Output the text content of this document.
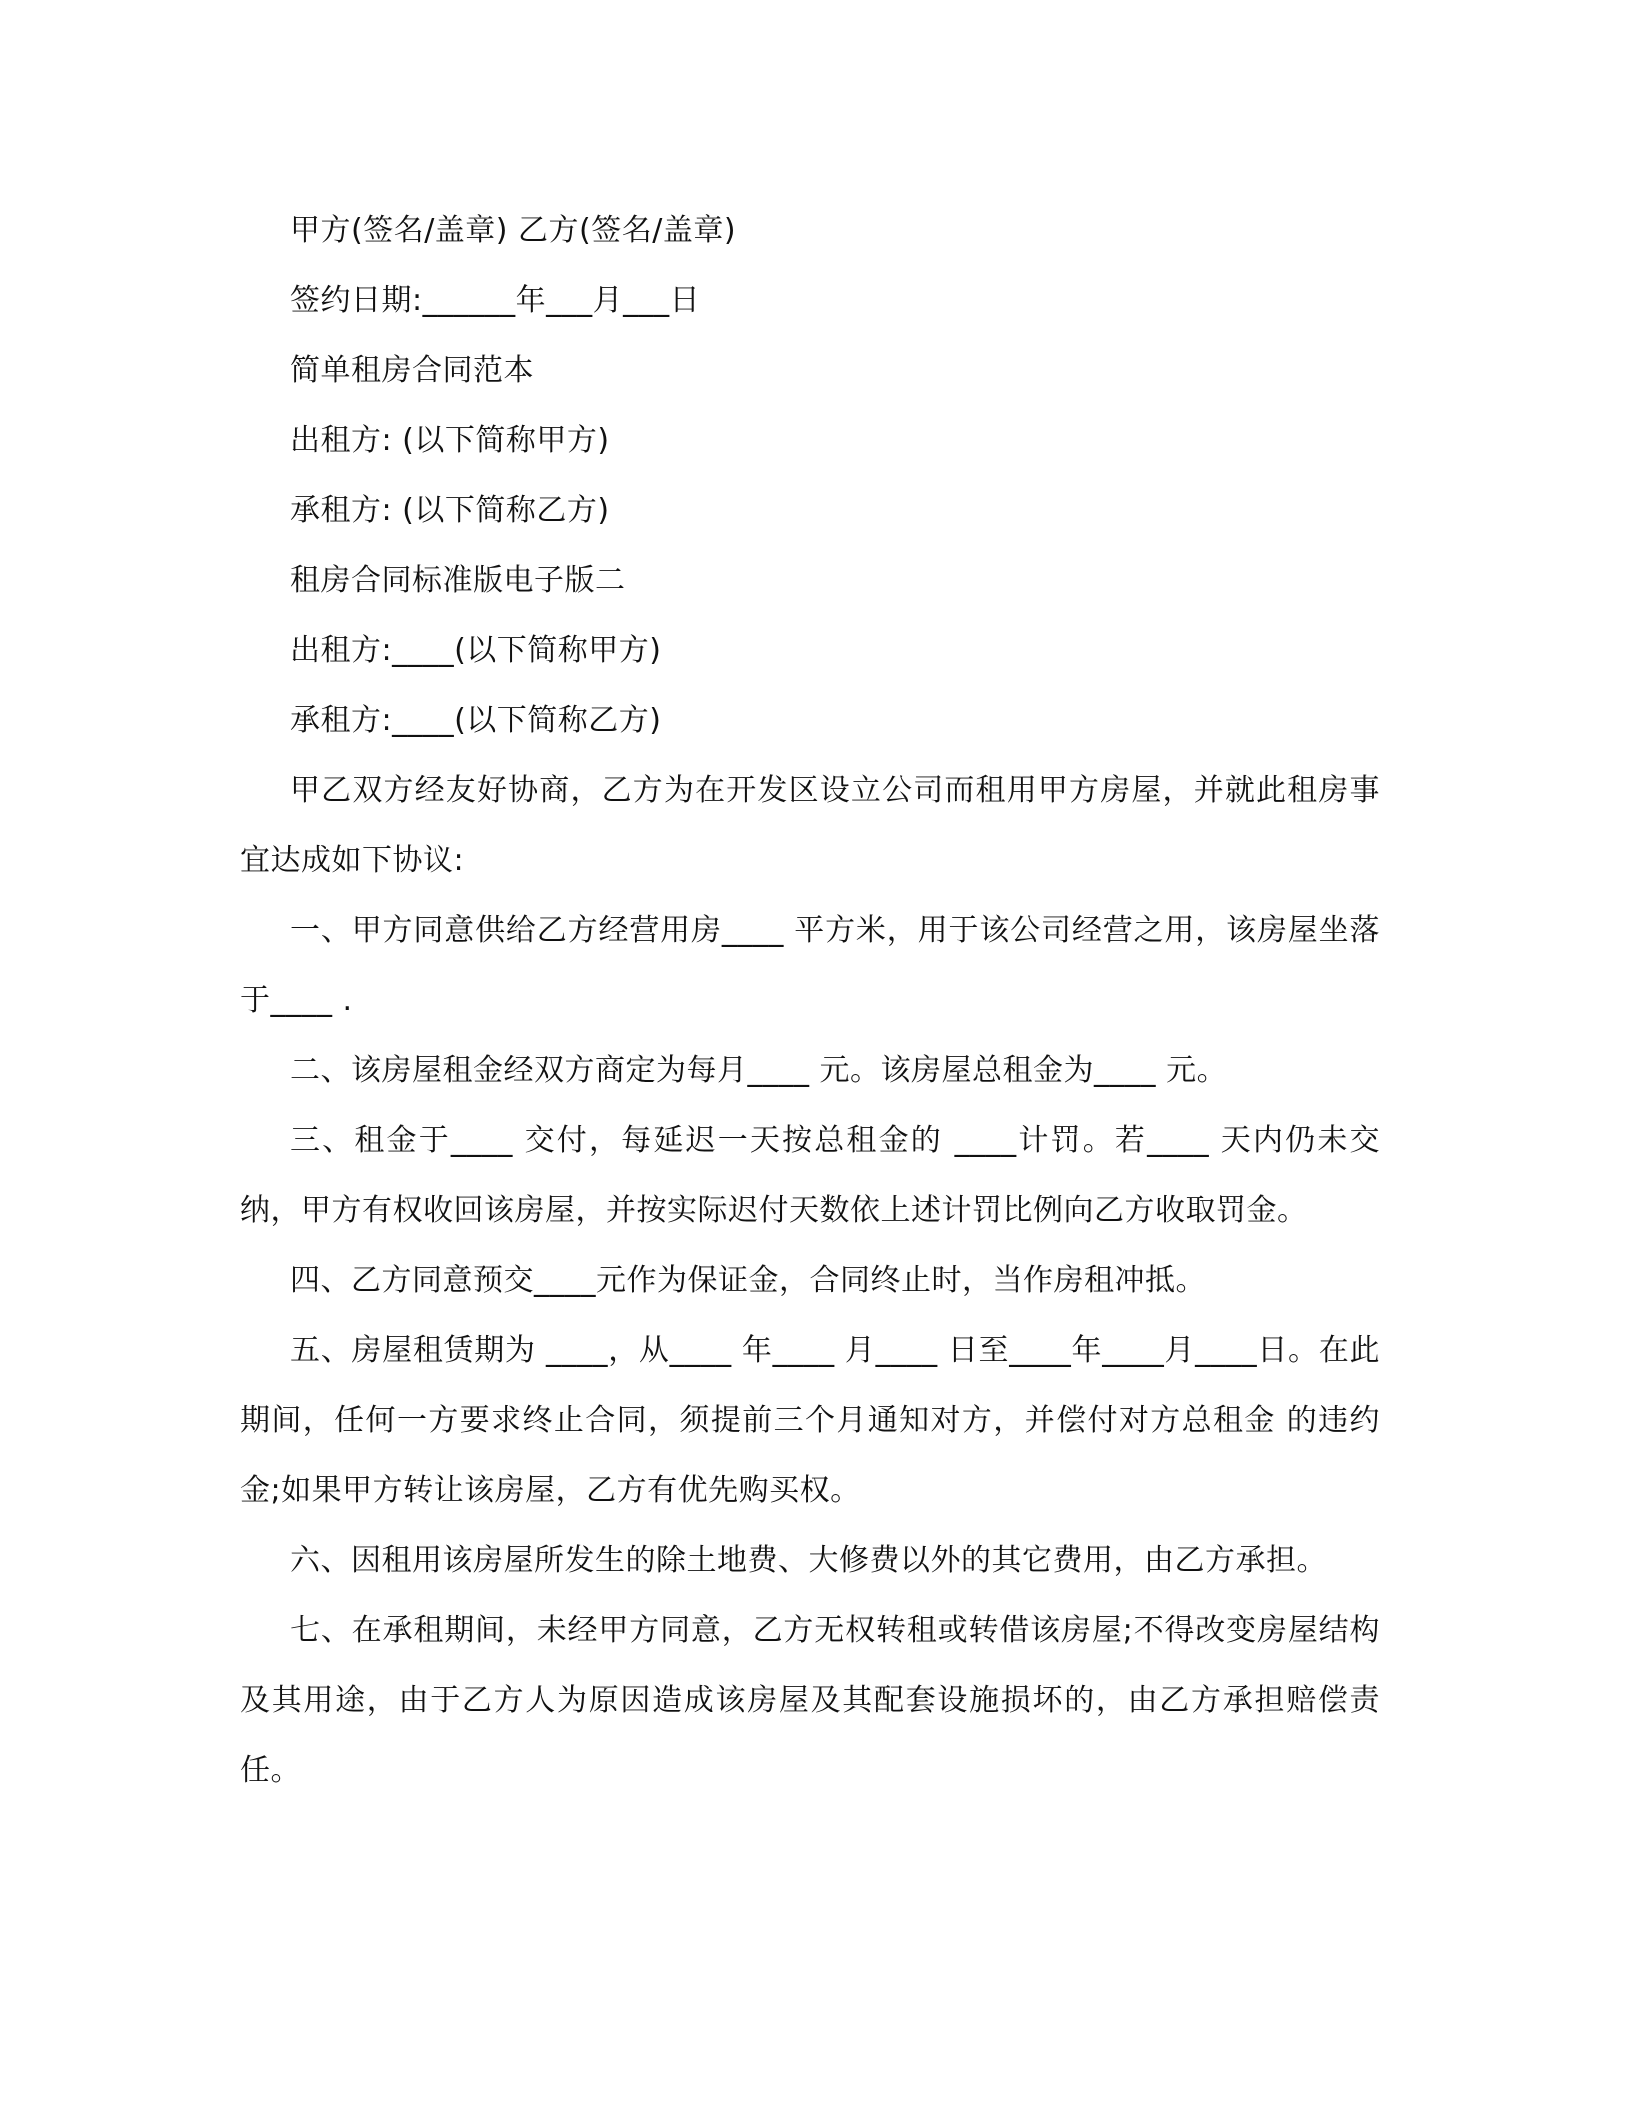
甲方(签名/盖章) 乙方(签名/盖章)

签约日期:______年___月___日

简单租房合同范本

出租方: (以下简称甲方)

承租方: (以下简称乙方)

租房合同标准版电子版二

出租方:____(以下简称甲方)

承租方:____(以下简称乙方)

甲乙双方经友好协商，乙方为在开发区设立公司而租用甲方房屋，并就此租房事宜达成如下协议:

一、甲方同意供给乙方经营用房____ 平方米，用于该公司经营之用，该房屋坐落于____ .

二、该房屋租金经双方商定为每月____ 元。该房屋总租金为____ 元。

三、租金于____ 交付，每延迟一天按总租金的 ____计罚。若____ 天内仍未交纳，甲方有权收回该房屋，并按实际迟付天数依上述计罚比例向乙方收取罚金。

四、乙方同意预交____元作为保证金，合同终止时，当作房租冲抵。

五、房屋租赁期为 ____，从____ 年____ 月____ 日至____年____月____日。在此期间，任何一方要求终止合同，须提前三个月通知对方，并偿付对方总租金 的违约金;如果甲方转让该房屋，乙方有优先购买权。

六、因租用该房屋所发生的除土地费、大修费以外的其它费用，由乙方承担。

七、在承租期间，未经甲方同意，乙方无权转租或转借该房屋;不得改变房屋结构及其用途，由于乙方人为原因造成该房屋及其配套设施损坏的，由乙方承担赔偿责任。
